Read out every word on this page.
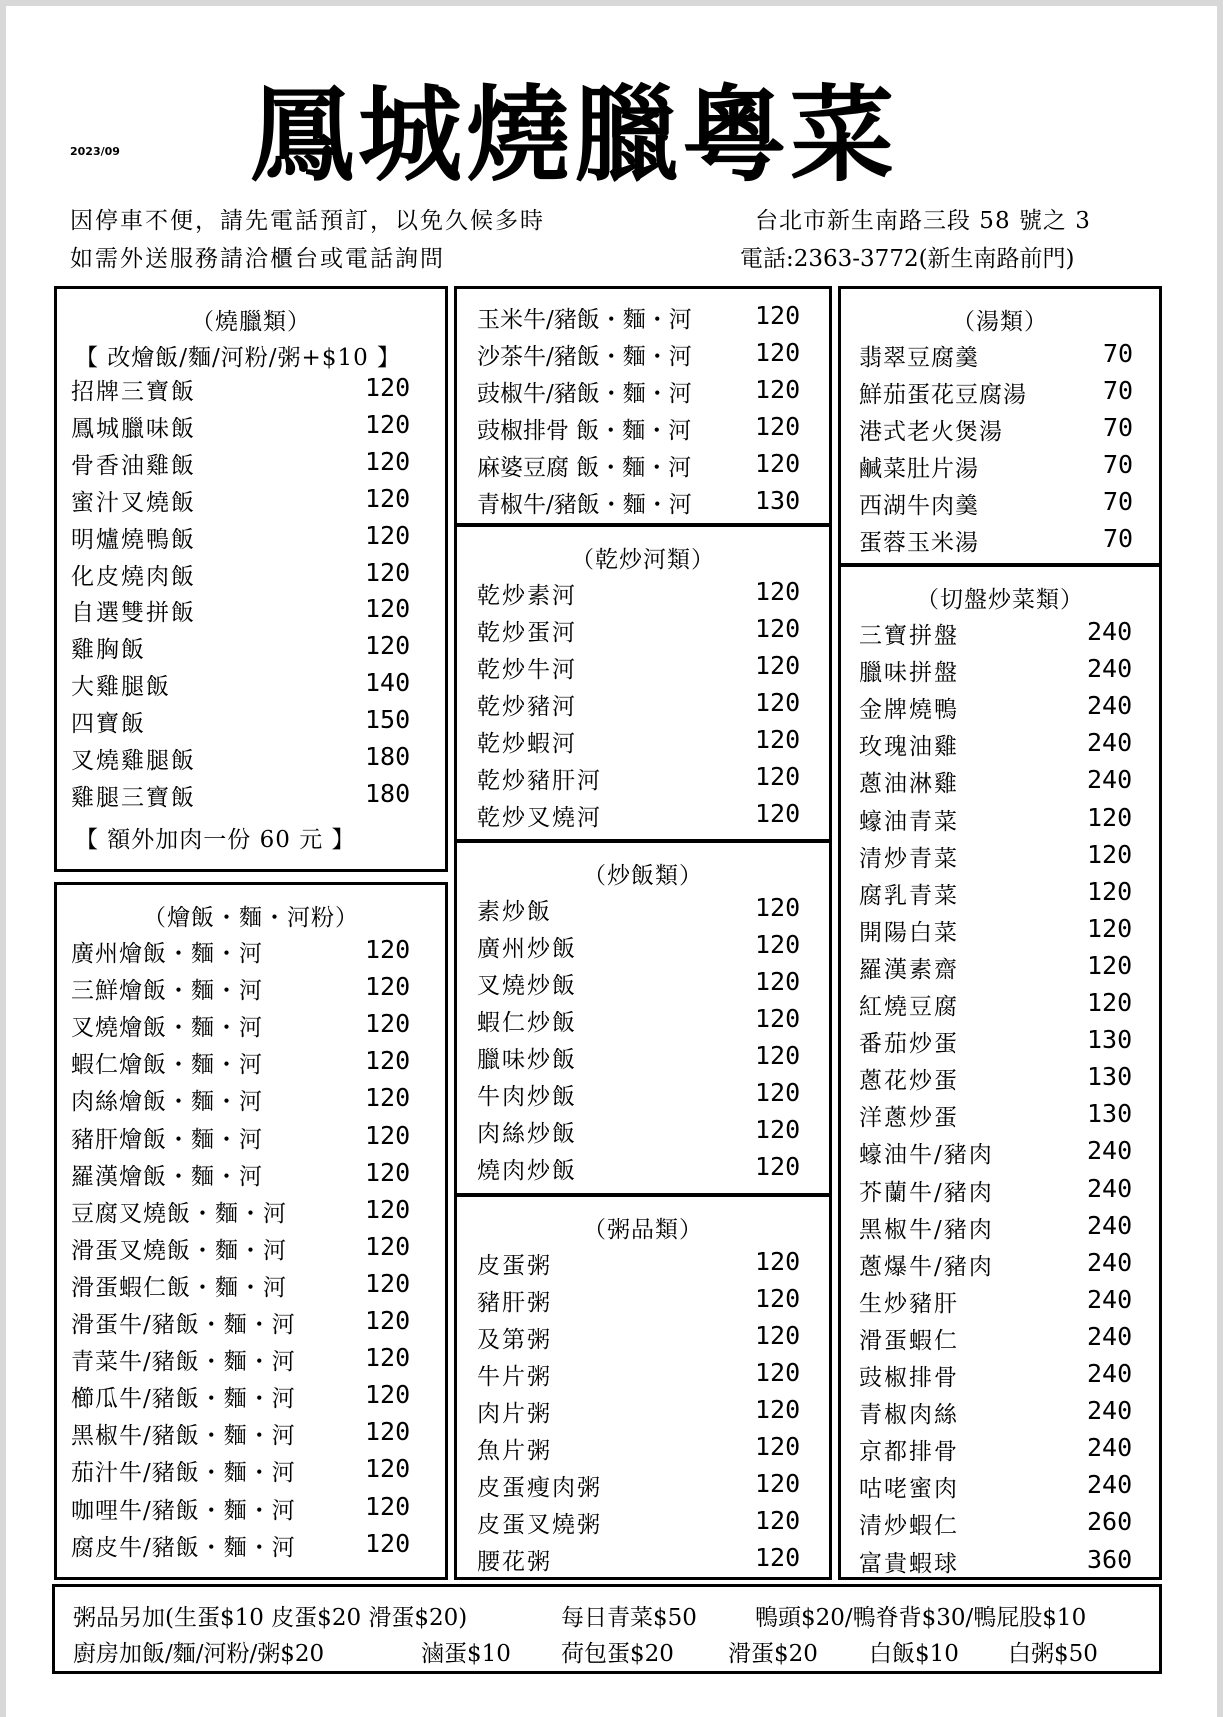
2023/09 鳳城燒臘粵菜
因停車不便，請先電話預訂，以免久候多時
如需外送服務請洽櫃台或電話詢問
台北市新生南路三段 58 號之 3
電話:2363-3772(新生南路前門)
（燒臘類）
【 改燴飯/麵/河粉/粥+$10 】
招牌三寶飯	120
鳳城臘味飯	120
骨香油雞飯	120
蜜汁叉燒飯	120
明爐燒鴨飯	120
化皮燒肉飯	120
自選雙拼飯	120
雞胸飯	120
大雞腿飯	140
四寶飯	150
叉燒雞腿飯	180
雞腿三寶飯	180
【 額外加肉一份 60 元 】
（燴飯・麵・河粉）
廣州燴飯・麵・河	120
三鮮燴飯・麵・河	120
叉燒燴飯・麵・河	120
蝦仁燴飯・麵・河	120
肉絲燴飯・麵・河	120
豬肝燴飯・麵・河	120
羅漢燴飯・麵・河	120
豆腐叉燒飯・麵・河	120
滑蛋叉燒飯・麵・河	120
滑蛋蝦仁飯・麵・河	120
滑蛋牛/豬飯・麵・河	120
青菜牛/豬飯・麵・河	120
櫛瓜牛/豬飯・麵・河	120
黑椒牛/豬飯・麵・河	120
茄汁牛/豬飯・麵・河	120
咖哩牛/豬飯・麵・河	120
腐皮牛/豬飯・麵・河	120
玉米牛/豬飯・麵・河	120
沙茶牛/豬飯・麵・河	120
豉椒牛/豬飯・麵・河	120
豉椒排骨 飯・麵・河	120
麻婆豆腐 飯・麵・河	120
青椒牛/豬飯・麵・河	130
（乾炒河類）
乾炒素河	120
乾炒蛋河	120
乾炒牛河	120
乾炒豬河	120
乾炒蝦河	120
乾炒豬肝河	120
乾炒叉燒河	120
（炒飯類）
素炒飯	120
廣州炒飯	120
叉燒炒飯	120
蝦仁炒飯	120
臘味炒飯	120
牛肉炒飯	120
肉絲炒飯	120
燒肉炒飯	120
（粥品類）
皮蛋粥	120
豬肝粥	120
及第粥	120
牛片粥	120
肉片粥	120
魚片粥	120
皮蛋瘦肉粥	120
皮蛋叉燒粥	120
腰花粥	120
（湯類）
翡翠豆腐羹	70
鮮茄蛋花豆腐湯	70
港式老火煲湯	70
鹹菜肚片湯	70
西湖牛肉羹	70
蛋蓉玉米湯	70
（切盤炒菜類）
三寶拼盤	240
臘味拼盤	240
金牌燒鴨	240
玫瑰油雞	240
蔥油淋雞	240
蠔油青菜	120
清炒青菜	120
腐乳青菜	120
開陽白菜	120
羅漢素齋	120
紅燒豆腐	120
番茄炒蛋	130
蔥花炒蛋	130
洋蔥炒蛋	130
蠔油牛/豬肉	240
芥蘭牛/豬肉	240
黑椒牛/豬肉	240
蔥爆牛/豬肉	240
生炒豬肝	240
滑蛋蝦仁	240
豉椒排骨	240
青椒肉絲	240
京都排骨	240
咕咾蜜肉	240
清炒蝦仁	260
富貴蝦球	360
粥品另加(生蛋$10 皮蛋$20 滑蛋$20)	每日青菜$50	鴨頭$20/鴨脊背$30/鴨屁股$10
廚房加飯/麵/河粉/粥$20	滷蛋$10 荷包蛋$20 滑蛋$20 白飯$10 白粥$50
